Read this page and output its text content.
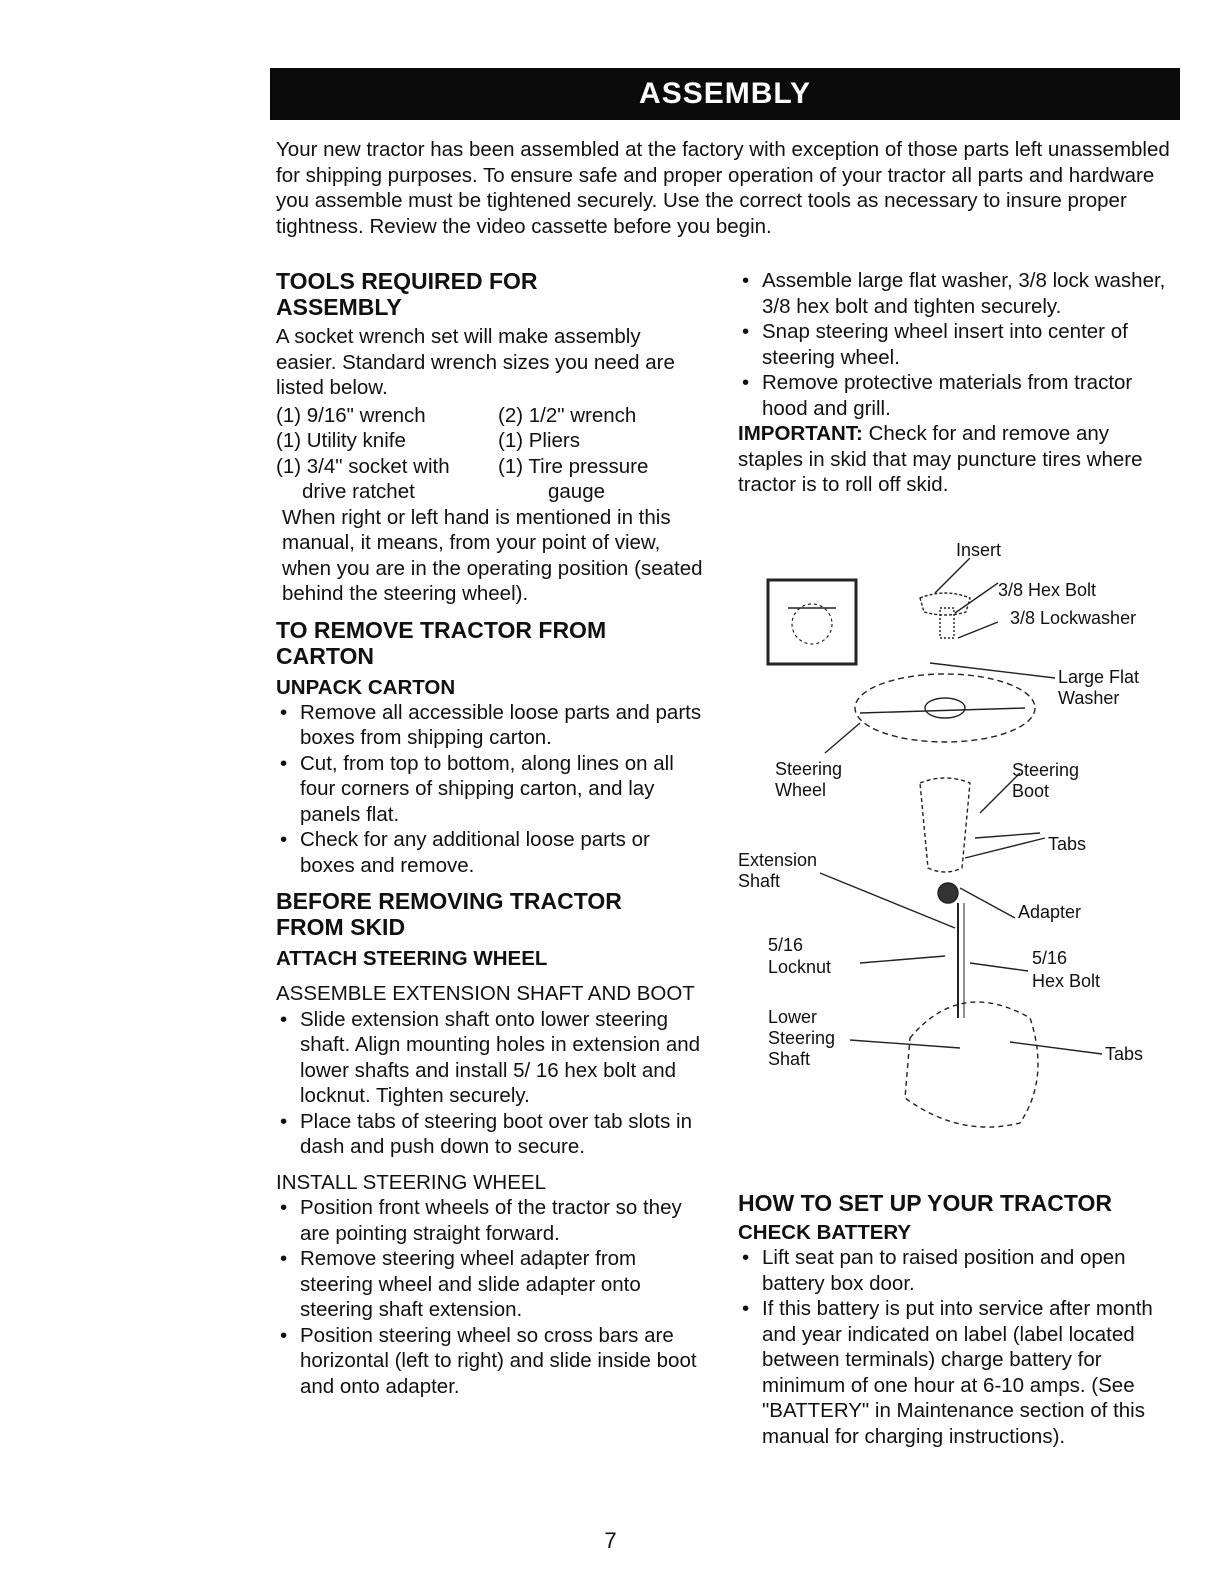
ASSEMBLY

Your new tractor has been assembled at the factory with exception of those parts left unassembled for shipping purposes. To ensure safe and proper operation of your tractor all parts and hardware you assemble must be tightened securely. Use the correct tools as necessary to insure proper tightness. Review the video cassette before you begin.

TOOLS REQUIRED FOR
ASSEMBLY

A socket wrench set will make assembly easier. Standard wrench sizes you need are listed below.

(1) 9/16" wrench	(2) 1/2" wrench
(1) Utility knife	(1) Pliers
(1) 3/4" socket with	(1) Tire pressure
drive ratchet	gauge

When right or left hand is mentioned in this manual, it means, from your point of view, when you are in the operating position (seated behind the steering wheel).

TO REMOVE TRACTOR FROM
CARTON
UNPACK CARTON
• Remove all accessible loose parts and parts boxes from shipping carton.
• Cut, from top to bottom, along lines on all four corners of shipping carton, and lay panels flat.
• Check for any additional loose parts or boxes and remove.
BEFORE REMOVING TRACTOR
FROM SKID
ATTACH STEERING WHEEL

ASSEMBLE EXTENSION SHAFT AND BOOT

• Slide extension shaft onto lower steering shaft. Align mounting holes in extension and lower shafts and install 5/ 16 hex bolt and locknut. Tighten securely.
• Place tabs of steering boot over tab slots in dash and push down to secure.

INSTALL STEERING WHEEL

• Position front wheels of the tractor so they are pointing straight forward.
• Remove steering wheel adapter from steering wheel and slide adapter onto steering shaft extension.
• Position steering wheel so cross bars are horizontal (left to right) and slide inside boot and onto adapter.
• Assemble large flat washer, 3/8 lock washer, 3/8 hex bolt and tighten securely.
• Snap steering wheel insert into center of steering wheel.
• Remove protective materials from tractor hood and grill.

IMPORTANT: Check for and remove any staples in skid that may puncture tires where tractor is to roll off skid.

Insert
3/8 Hex Bolt
3/8 Lockwasher
Large Flat
Washer
Steering
Wheel
Steering
Boot
Tabs
Extension
Shaft
Adapter
5/16
Locknut	5/16
Hex Bolt
Lower
Steering
Shaft	Tabs
HOW TO SET UP YOUR TRACTOR
CHECK BATTERY
• Lift seat pan to raised position and open battery box door.
• If this battery is put into service after month and year indicated on label (label located between terminals) charge battery for minimum of one hour at 6-10 amps. (See "BATTERY" in Maintenance section of this manual for charging instructions).
7
